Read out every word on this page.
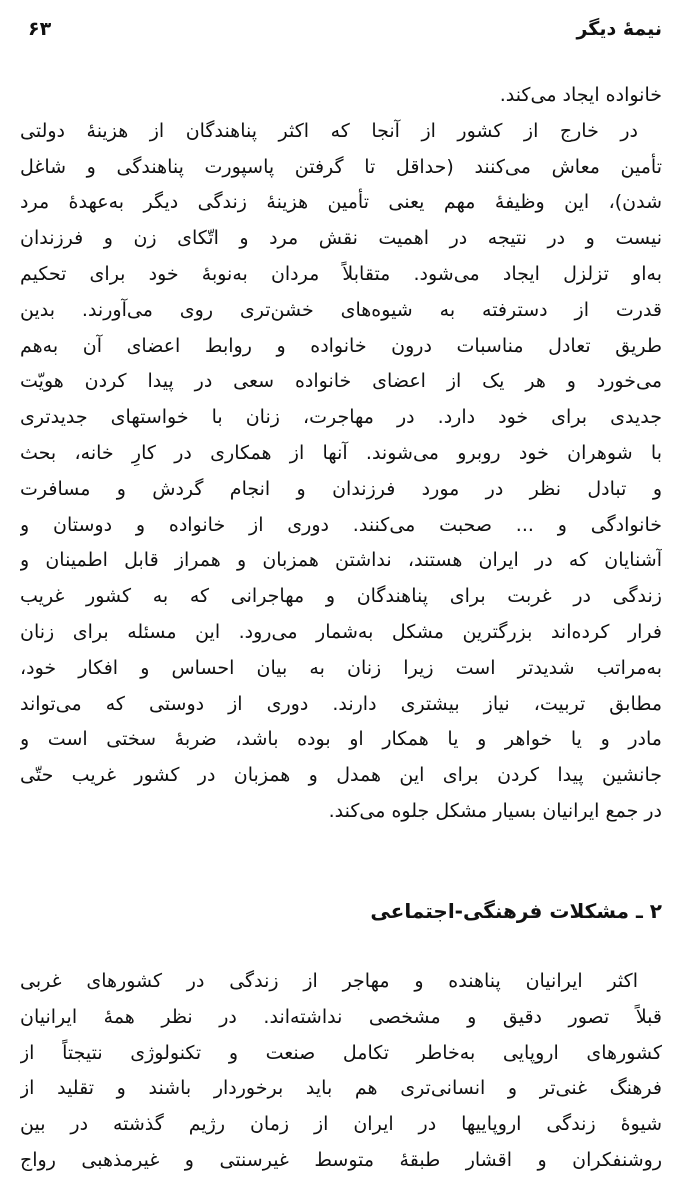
نیمهٔ دیگر
۶۳
خانواده ایجاد می‌کند.
در خارج از کشور از آنجا که اکثر پناهندگان از هزینهٔ دولتی
تأمین معاش می‌کنند (حداقل تا گرفتن پاسپورت پناهندگی و شاغل
شدن)، این وظیفهٔ مهم یعنی تأمین هزینهٔ زندگی دیگر به‌عهدهٔ مرد
نیست و در نتیجه در اهمیت نقش مرد و اتّکای زن و فرزندان
به‌او تزلزل ایجاد می‌شود. متقابلاً مردان به‌نوبهٔ خود برای تحکیم
قدرت از دسترفته به شیوه‌های خشن‌تری روی می‌آورند. بدین
طریق تعادل مناسبات درون خانواده و روابط اعضای آن به‌هم
می‌خورد و هر یک از اعضای خانواده سعی در پیدا کردن هویّت
جدیدی برای خود دارد. در مهاجرت، زنان با خواستهای جدیدتری
با شوهران خود روبرو می‌شوند. آنها از همکاری در کارِ خانه، بحث
و تبادل نظر در مورد فرزندان و انجام گردش و مسافرت
خانوادگی و ... صحبت می‌کنند. دوری از خانواده و دوستان و
آشنایان که در ایران هستند، نداشتن همزبان و همراز قابل اطمینان و
زندگی در غربت برای پناهندگان و مهاجرانی که به کشور غریب
فرار کرده‌اند بزرگترین مشکل به‌شمار می‌رود. این مسئله برای زنان
به‌مراتب شدیدتر است زیرا زنان به بیان احساس و افکار خود،
مطابق تربیت، نیاز بیشتری دارند. دوری از دوستی که می‌تواند
مادر و یا خواهر و یا همکار او بوده باشد، ضربهٔ سختی است و
جانشین پیدا کردن برای این همدل و همزبان در کشور غریب حتّی
در جمع ایرانیان بسیار مشکل جلوه می‌کند.
۲ ـ مشکلات فرهنگی-اجتماعی
اکثر ایرانیان پناهنده و مهاجر از زندگی در کشورهای غربی
قبلاً تصور دقیق و مشخصی نداشته‌اند. در نظر همهٔ ایرانیان
کشورهای اروپایی به‌خاطر تکامل صنعت و تکنولوژی نتیجتاً از
فرهنگ غنی‌تر و انسانی‌تری هم باید برخوردار باشند و تقلید از
شیوهٔ زندگی اروپاییها در ایران از زمان رژیم گذشته در بین
روشنفکران و اقشار طبقهٔ متوسط غیرسنتی و غیرمذهبی رواج
